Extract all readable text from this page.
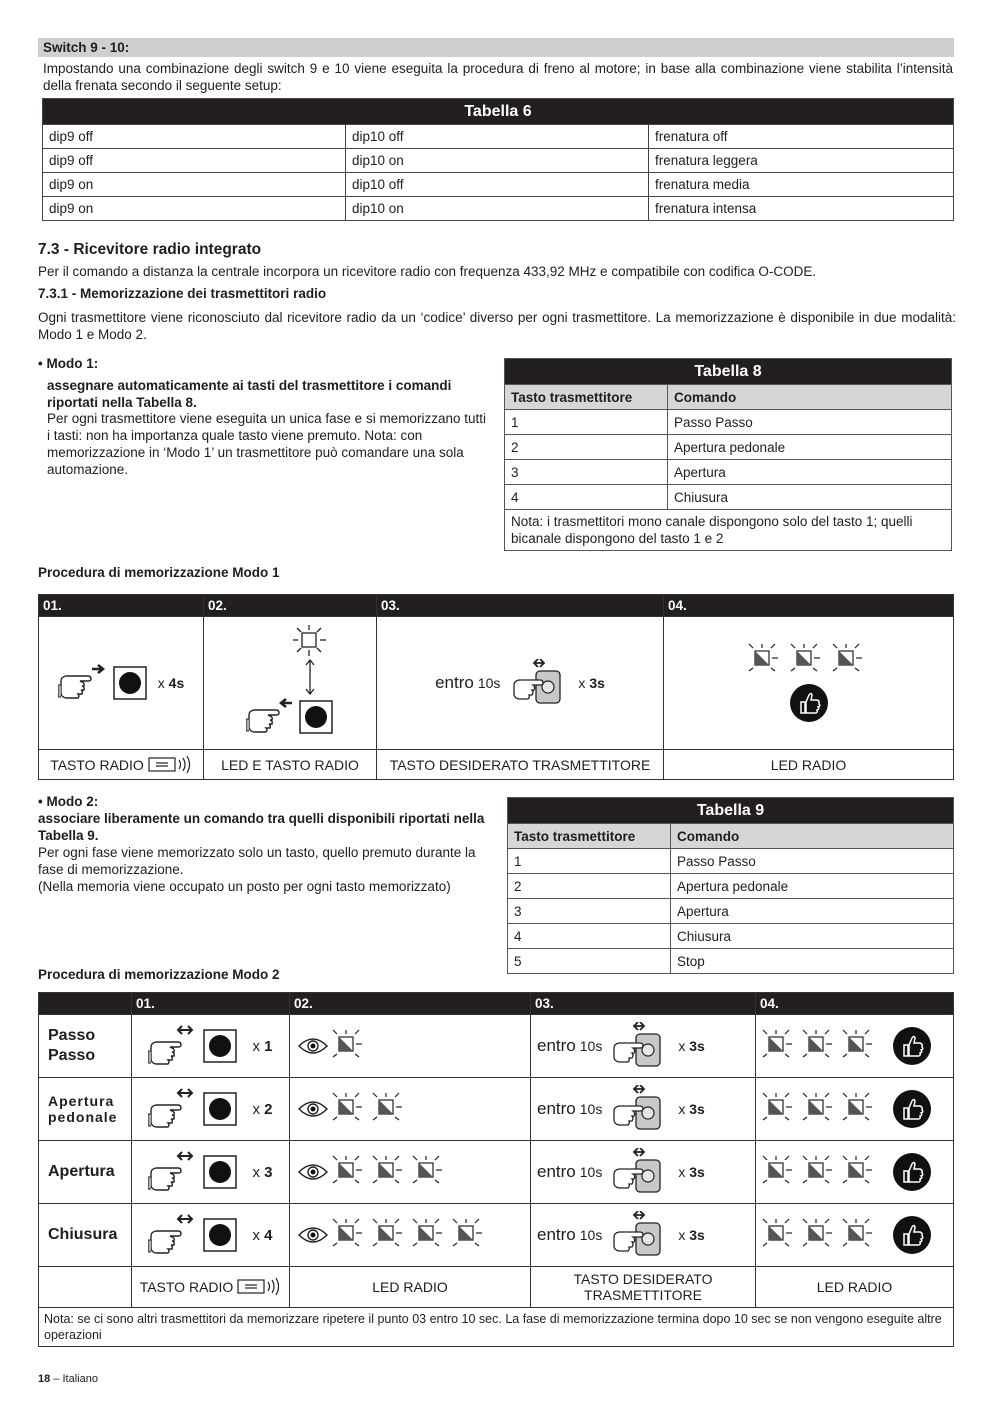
Switch 9 - 10:
Impostando una combinazione degli switch 9 e 10 viene eseguita la procedura di freno al motore; in base alla combinazione viene stabilita l’intensità della frenata secondo il seguente setup:
Tabella 6		
dip9 off	dip10 off	frenatura off
dip9 off	dip10 on	frenatura leggera
dip9 on	dip10 off	frenatura media
dip9 on	dip10 on	frenatura intensa
7.3 - Ricevitore radio integrato
Per il comando a distanza la centrale incorpora un ricevitore radio con frequenza 433,92 MHz e compatibile con codifica O-CODE.
7.3.1 - Memorizzazione dei trasmettitori radio
Ogni trasmettitore viene riconosciuto dal ricevitore radio da un ‘codice’ diverso per ogni trasmettitore. La memorizzazione è disponibile in due modalità: Modo 1 e Modo 2.
• Modo 1:
assegnare automaticamente ai tasti del trasmettitore i comandi riportati nella Tabella 8.
Per ogni trasmettitore viene eseguita un unica fase e si memorizzano tutti i tasti: non ha importanza quale tasto viene premuto. Nota: con memorizzazione in ‘Modo 1’ un trasmettitore può comandare una sola automazione.
Tabella 8	
Tasto trasmettitore	Comando
1	Passo Passo
2	Apertura pedonale
3	Apertura
4	Chiusura
Nota: i trasmettitori mono canale dispongono solo del tasto 1; quelli bicanale dispongono del tasto 1 e 2	
Procedura di memorizzazione Modo 1
01.	02.	03.	04.

x 4s		entro 10s x 3s

TASTO RADIO	LED E TASTO RADIO	TASTO DESIDERATO TRASMETTITORE	LED RADIO
• Modo 2:
associare liberamente un comando tra quelli disponibili riportati nella Tabella 9.
Per ogni fase viene memorizzato solo un tasto, quello premuto durante la fase di memorizzazione.
(Nella memoria viene occupato un posto per ogni tasto memorizzato)
Tabella 9	
Tasto trasmettitore	Comando
1	Passo Passo
2	Apertura pedonale
3	Apertura
4	Chiusura
5	Stop
Procedura di memorizzazione Modo 2
	01.	02.	03.	04.
Passo Passo	x 1		entro 10s x 3s

Apertura pedonale	x 2		entro 10s x 3s

Apertura	x 3		entro 10s x 3s

Chiusura	x 4		entro 10s x 3s

	TASTO RADIO	LED RADIO	TASTO DESIDERATO TRASMETTITORE	LED RADIO
Nota: se ci sono altri trasmettitori da memorizzare ripetere il punto 03 entro 10 sec. La fase di memorizzazione termina dopo 10 sec se non vengono eseguite altre operazioni				
18 – Italiano
